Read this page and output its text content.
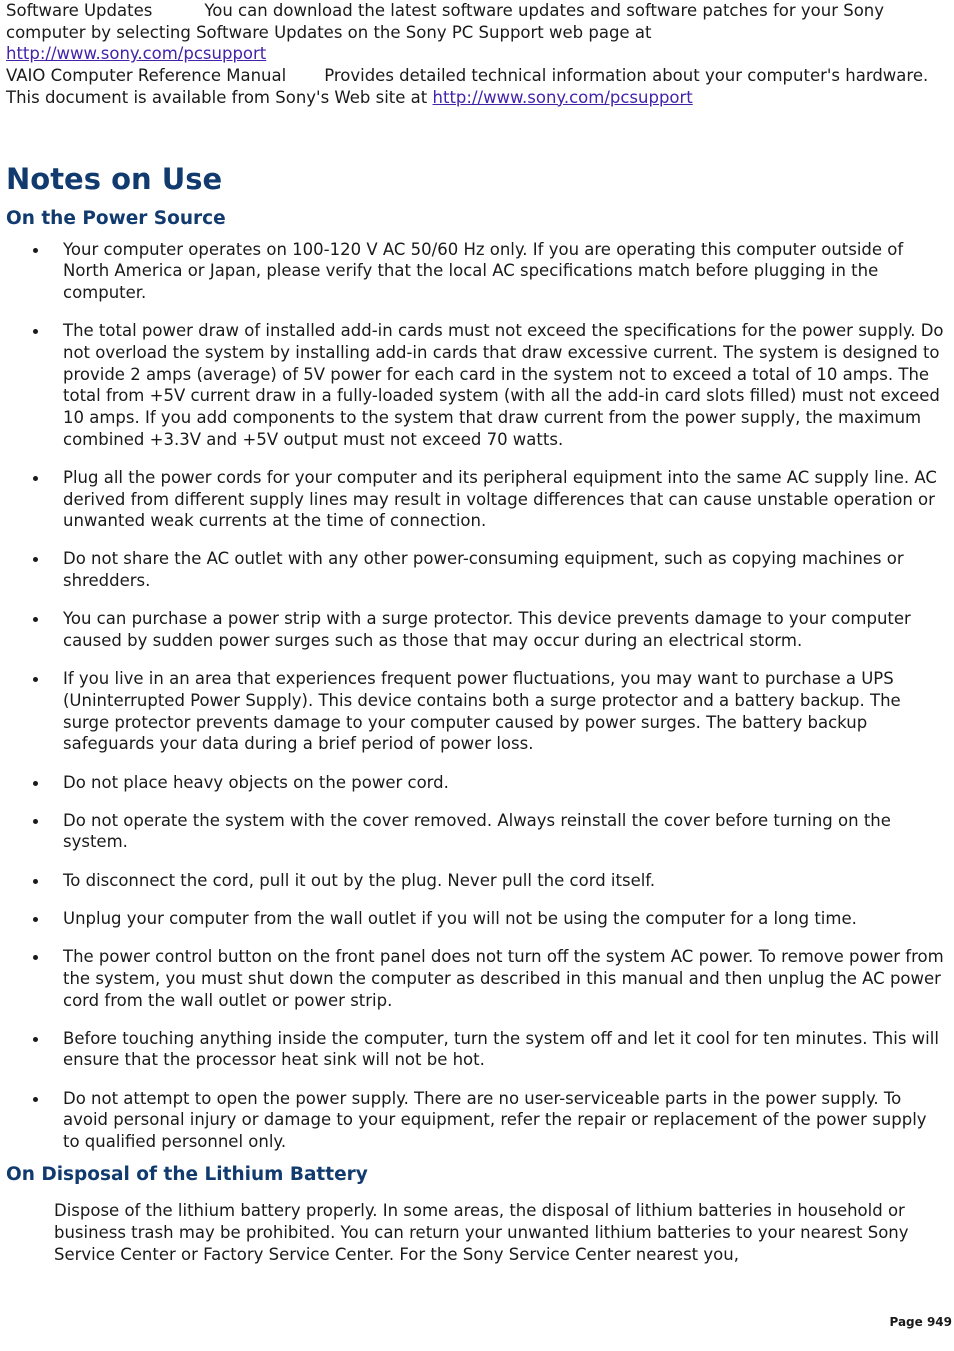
Software Updates	You can download the latest software updates and software patches for your Sony computer by selecting Software Updates on the Sony PC Support web page at
http://www.sony.com/pcsupport

VAIO Computer Reference Manual Provides detailed technical information about your computer's hardware. This document is available from Sony's Web site at http://www.sony.com/pcsupport

Notes on Use
On the Power Source
Your computer operates on 100-120 V AC 50/60 Hz only. If you are operating this computer outside of North America or Japan, please verify that the local AC specifications match before plugging in the computer.
The total power draw of installed add-in cards must not exceed the specifications for the power supply. Do not overload the system by installing add-in cards that draw excessive current. The system is designed to provide 2 amps (average) of 5V power for each card in the system not to exceed a total of 10 amps. The total from +5V current draw in a fully-loaded system (with all the add-in card slots filled) must not exceed 10 amps. If you add components to the system that draw current from the power supply, the maximum combined +3.3V and +5V output must not exceed 70 watts.
Plug all the power cords for your computer and its peripheral equipment into the same AC supply line. AC derived from different supply lines may result in voltage differences that can cause unstable operation or unwanted weak currents at the time of connection.
Do not share the AC outlet with any other power-consuming equipment, such as copying machines or shredders.
You can purchase a power strip with a surge protector. This device prevents damage to your computer caused by sudden power surges such as those that may occur during an electrical storm.
If you live in an area that experiences frequent power fluctuations, you may want to purchase a UPS (Uninterrupted Power Supply). This device contains both a surge protector and a battery backup. The surge protector prevents damage to your computer caused by power surges. The battery backup safeguards your data during a brief period of power loss.
Do not place heavy objects on the power cord.
Do not operate the system with the cover removed. Always reinstall the cover before turning on the system.
To disconnect the cord, pull it out by the plug. Never pull the cord itself.
Unplug your computer from the wall outlet if you will not be using the computer for a long time.
The power control button on the front panel does not turn off the system AC power. To remove power from the system, you must shut down the computer as described in this manual and then unplug the AC power cord from the wall outlet or power strip.
Before touching anything inside the computer, turn the system off and let it cool for ten minutes. This will ensure that the processor heat sink will not be hot.
Do not attempt to open the power supply. There are no user-serviceable parts in the power supply. To avoid personal injury or damage to your equipment, refer the repair or replacement of the power supply to qualified personnel only.
On Disposal of the Lithium Battery
Dispose of the lithium battery properly. In some areas, the disposal of lithium batteries in household or business trash may be prohibited. You can return your unwanted lithium batteries to your nearest Sony Service Center or Factory Service Center. For the Sony Service Center nearest you,
Page 949
